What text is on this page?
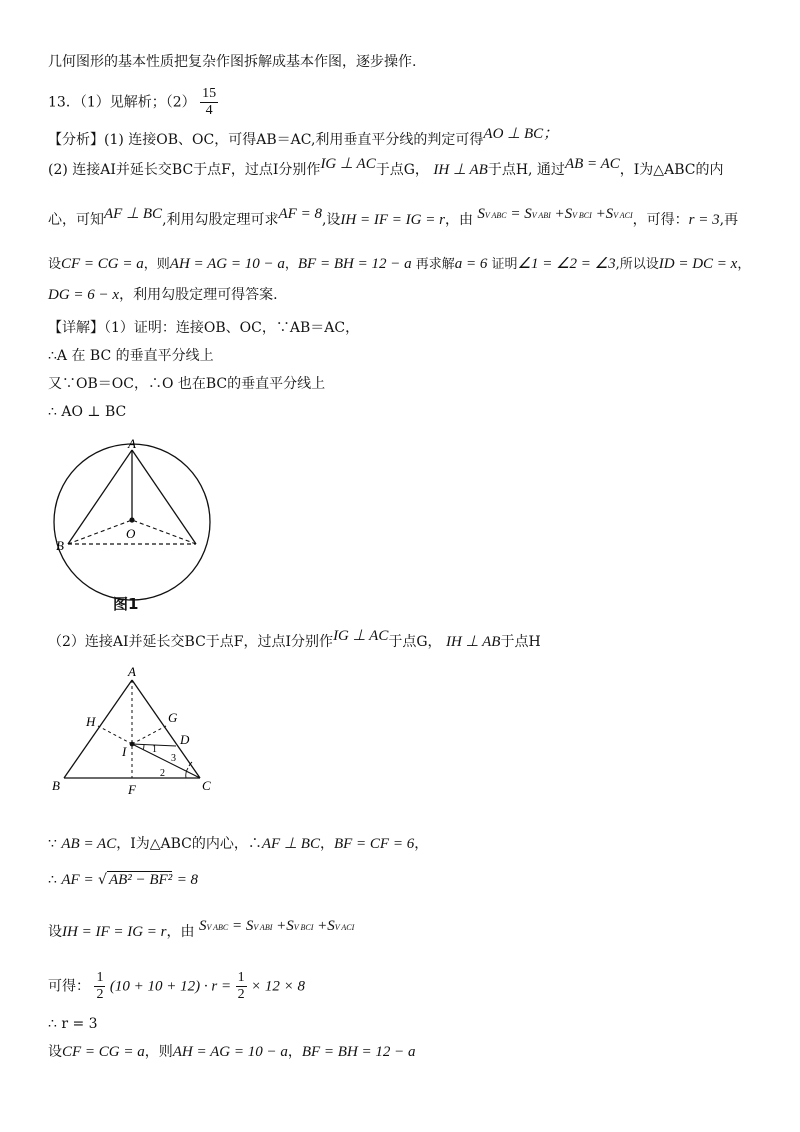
几何图形的基本性质把复杂作图拆解成基本作图，逐步操作.
13．（1）见解析；$(2) \frac{15}{4}$
【分析】(1) 连接OB、OC，可得AB＝AC,利用垂直平分线的判定可得AO ⊥ BC；
(2) 连接AI并延长交BC于点F，过点I分别作IG ⊥ AC于点G， IH ⊥ AB于点H, 通过AB = AC，I为△ABC的内
心，可知AF ⊥ BC,利用勾股定理可求AF = 8,设IH = IF = IG = r，由 SV ABC = SV ABI +SV BCI +SV ACI，可得：r = 3,再
设CF = CG = a，则AH = AG = 10 − a，BF = BH = 12 − a 再求解a = 6 证明∠1 = ∠2 = ∠3,所以设ID = DC = x，
DG = 6 − x，利用勾股定理可得答案.
【详解】（1）证明：连接OB、OC，∵AB＝AC，
∴A 在 BC 的垂直平分线上
又∵OB＝OC，∴O 也在BC的垂直平分线上
∴ AO ⊥ BC
A
B
O
图1
（2）连接AI并延长交BC于点F，过点I分别作IG ⊥ AC于点G， IH ⊥ AB于点H
A
H	G
D
I
B	C
F
1
2
3
∵ AB = AC，I为△ABC的内心，∴AF ⊥ BC，BF = CF = 6，
∴ AF = √ AB² − BF² = 8
设IH = IF = IG = r，由 SV ABC = SV ABI +SV BCI +SV ACI
可得： $\frac{1}{2} (10 + 10 + 12) \cdot r = \frac{1}{2} \times 12 \times 8$
∴ r = 3
设CF = CG = a，则AH = AG = 10 − a，BF = BH = 12 − a
